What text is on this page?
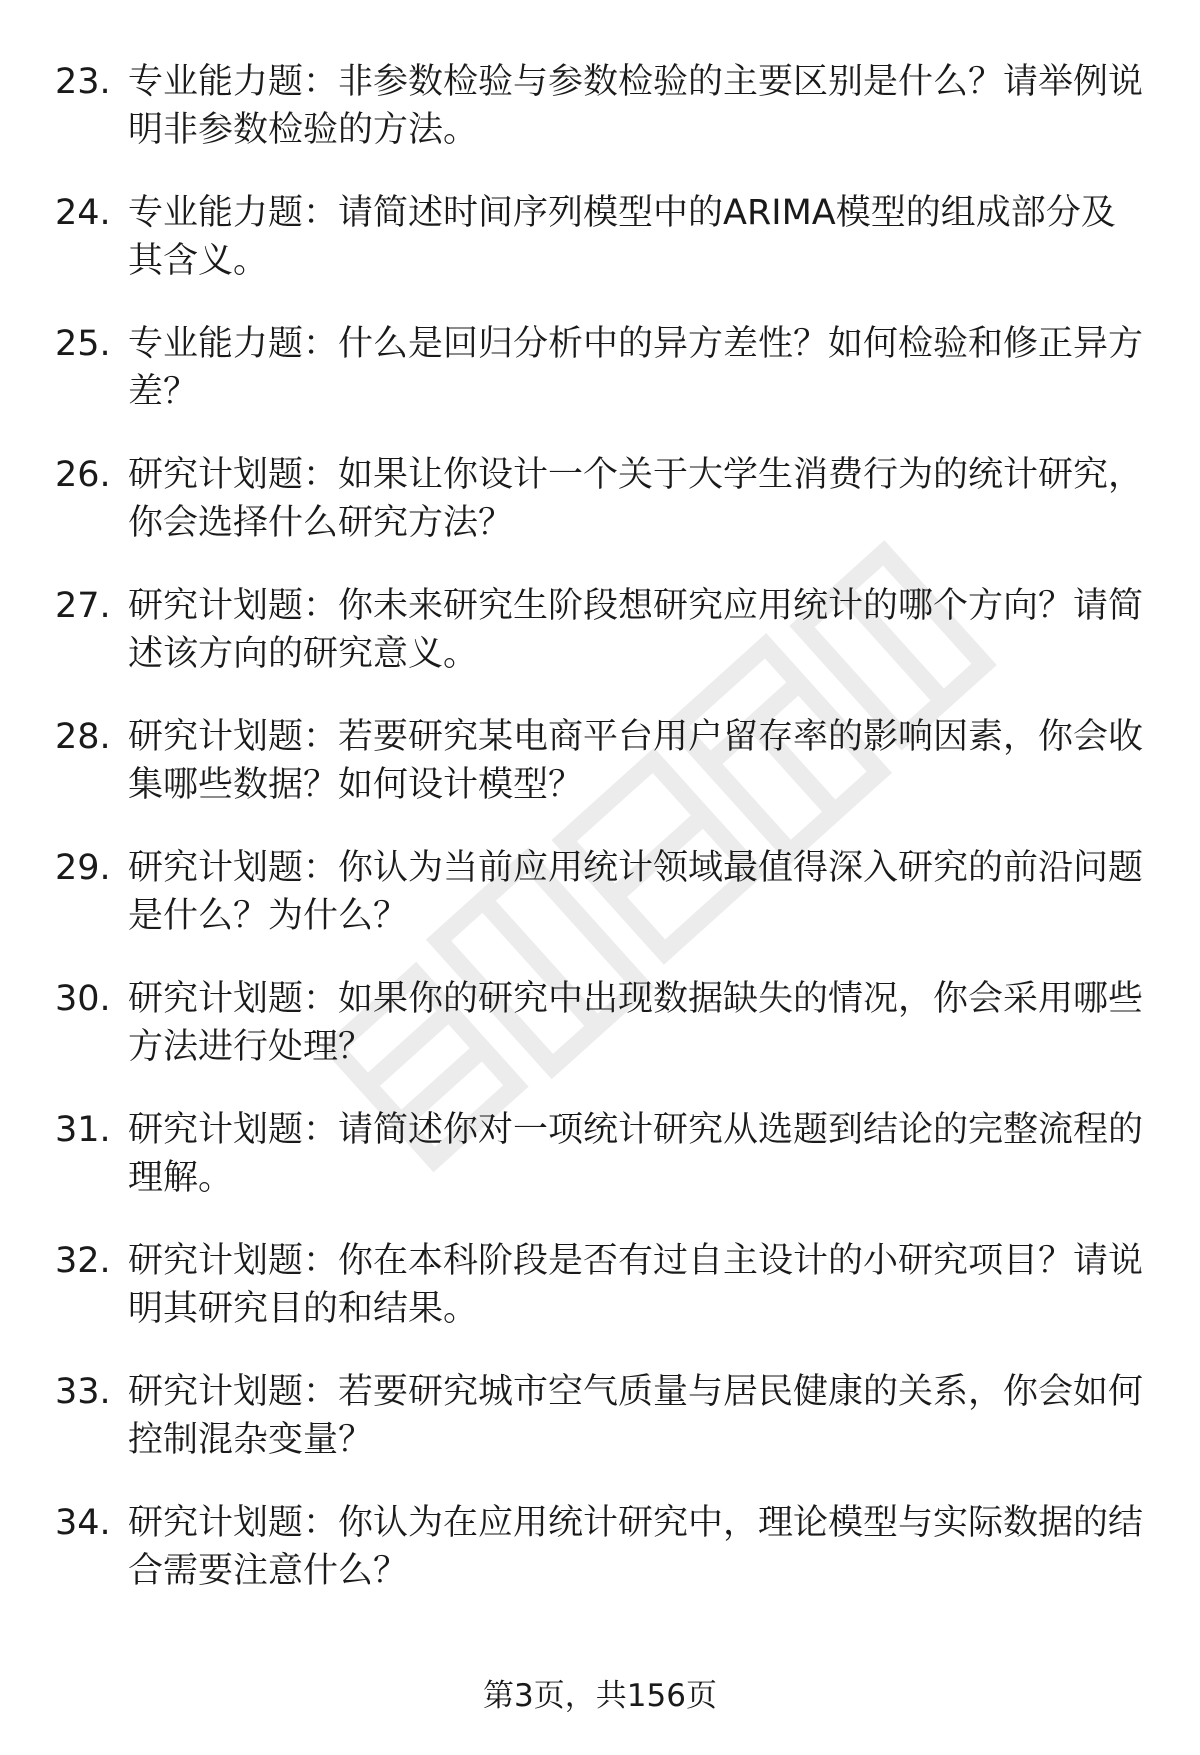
23. 专业能力题：非参数检验与参数检验的主要区别是什么？请举例说明非参数检验的方法。
24. 专业能力题：请简述时间序列模型中的ARIMA模型的组成部分及其含义。
25. 专业能力题：什么是回归分析中的异方差性？如何检验和修正异方差？
26. 研究计划题：如果让你设计一个关于大学生消费行为的统计研究，你会选择什么研究方法？
27. 研究计划题：你未来研究生阶段想研究应用统计的哪个方向？请简述该方向的研究意义。
28. 研究计划题：若要研究某电商平台用户留存率的影响因素，你会收集哪些数据？如何设计模型？
29. 研究计划题：你认为当前应用统计领域最值得深入研究的前沿问题是什么？为什么？
30. 研究计划题：如果你的研究中出现数据缺失的情况，你会采用哪些方法进行处理？
31. 研究计划题：请简述你对一项统计研究从选题到结论的完整流程的理解。
32. 研究计划题：你在本科阶段是否有过自主设计的小研究项目？请说明其研究目的和结果。
33. 研究计划题：若要研究城市空气质量与居民健康的关系，你会如何控制混杂变量？
34. 研究计划题：你认为在应用统计研究中，理论模型与实际数据的结合需要注意什么？
第3页，共156页
